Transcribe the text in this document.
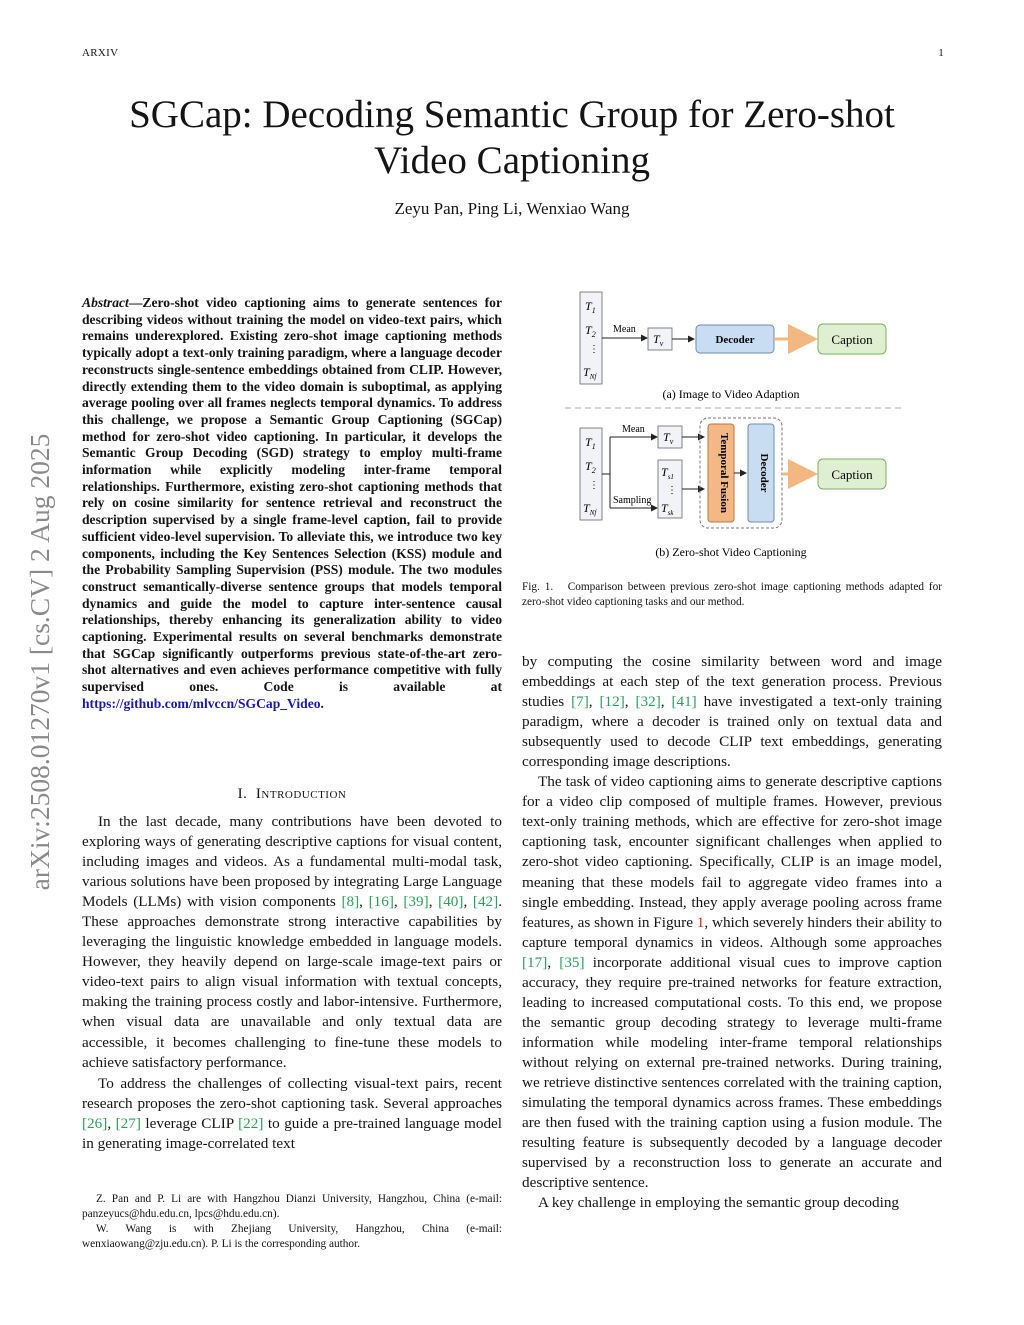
ARXIV	1
arXiv:2508.01270v1 [cs.CV] 2 Aug 2025
SGCap: Decoding Semantic Group for Zero-shot
Video Captioning
Zeyu Pan, Ping Li, Wenxiao Wang
Abstract—Zero-shot video captioning aims to generate sentences for describing videos without training the model on video-text pairs, which remains underexplored. Existing zero-shot image captioning methods typically adopt a text-only training paradigm, where a language decoder reconstructs single-sentence embeddings obtained from CLIP. However, directly extending them to the video domain is suboptimal, as applying average pooling over all frames neglects temporal dynamics. To address this challenge, we propose a Semantic Group Captioning (SGCap) method for zero-shot video captioning. In particular, it develops the Semantic Group Decoding (SGD) strategy to employ multi-frame information while explicitly modeling inter-frame temporal relationships. Furthermore, existing zero-shot captioning methods that rely on cosine similarity for sentence retrieval and reconstruct the description supervised by a single frame-level caption, fail to provide sufficient video-level supervision. To alleviate this, we introduce two key components, including the Key Sentences Selection (KSS) module and the Probability Sampling Supervision (PSS) module. The two modules construct semantically-diverse sentence groups that models temporal dynamics and guide the model to capture inter-sentence causal relationships, thereby enhancing its generalization ability to video captioning. Experimental results on several benchmarks demonstrate that SGCap significantly outperforms previous state-of-the-art zero-shot alternatives and even achieves performance competitive with fully supervised ones. Code is available at https://github.com/mlvccn/SGCap_Video.
I. Introduction

In the last decade, many contributions have been devoted to exploring ways of generating descriptive captions for visual content, including images and videos. As a fundamental multi-modal task, various solutions have been proposed by integrating Large Language Models (LLMs) with vision components [8], [16], [39], [40], [42]. These approaches demonstrate strong interactive capabilities by leveraging the linguistic knowledge embedded in language models. However, they heavily depend on large-scale image-text pairs or video-text pairs to align visual information with textual concepts, making the training process costly and labor-intensive. Furthermore, when visual data are unavailable and only textual data are accessible, it becomes challenging to fine-tune these models to achieve satisfactory performance.

To address the challenges of collecting visual-text pairs, recent research proposes the zero-shot captioning task. Several approaches [26], [27] leverage CLIP [22] to guide a pre-trained language model in generating image-correlated text

Z. Pan and P. Li are with Hangzhou Dianzi University, Hangzhou, China (e-mail: panzeyucs@hdu.edu.cn, lpcs@hdu.edu.cn).

W. Wang is with Zhejiang University, Hangzhou, China (e-mail: wenxiaowang@zju.edu.cn). P. Li is the corresponding author.

$T_1$
$T_2$
⋮
$T_{Nf}$
Mean
$T_v$	Decoder	Caption
(a) Image to Video Adaption
$T_1$
$T_2$
⋮
$T_{Nf}$
Mean
Sampling
$T_v$
$T_{s1}$
⋮
$T_{sk}$
Temporal Fusion	Decoder	Caption
(b) Zero-shot Video Captioning
Fig. 1. Comparison between previous zero-shot image captioning methods adapted for zero-shot video captioning tasks and our method.

by computing the cosine similarity between word and image embeddings at each step of the text generation process. Previous studies [7], [12], [32], [41] have investigated a text-only training paradigm, where a decoder is trained only on textual data and subsequently used to decode CLIP text embeddings, generating corresponding image descriptions.

The task of video captioning aims to generate descriptive captions for a video clip composed of multiple frames. However, previous text-only training methods, which are effective for zero-shot image captioning task, encounter significant challenges when applied to zero-shot video captioning. Specifically, CLIP is an image model, meaning that these models fail to aggregate video frames into a single embedding. Instead, they apply average pooling across frame features, as shown in Figure 1, which severely hinders their ability to capture temporal dynamics in videos. Although some approaches [17], [35] incorporate additional visual cues to improve caption accuracy, they require pre-trained networks for feature extraction, leading to increased computational costs. To this end, we propose the semantic group decoding strategy to leverage multi-frame information while modeling inter-frame temporal relationships without relying on external pre-trained networks. During training, we retrieve distinctive sentences correlated with the training caption, simulating the temporal dynamics across frames. These embeddings are then fused with the training caption using a fusion module. The resulting feature is subsequently decoded by a language decoder supervised by a reconstruction loss to generate an accurate and descriptive sentence.

A key challenge in employing the semantic group decoding
